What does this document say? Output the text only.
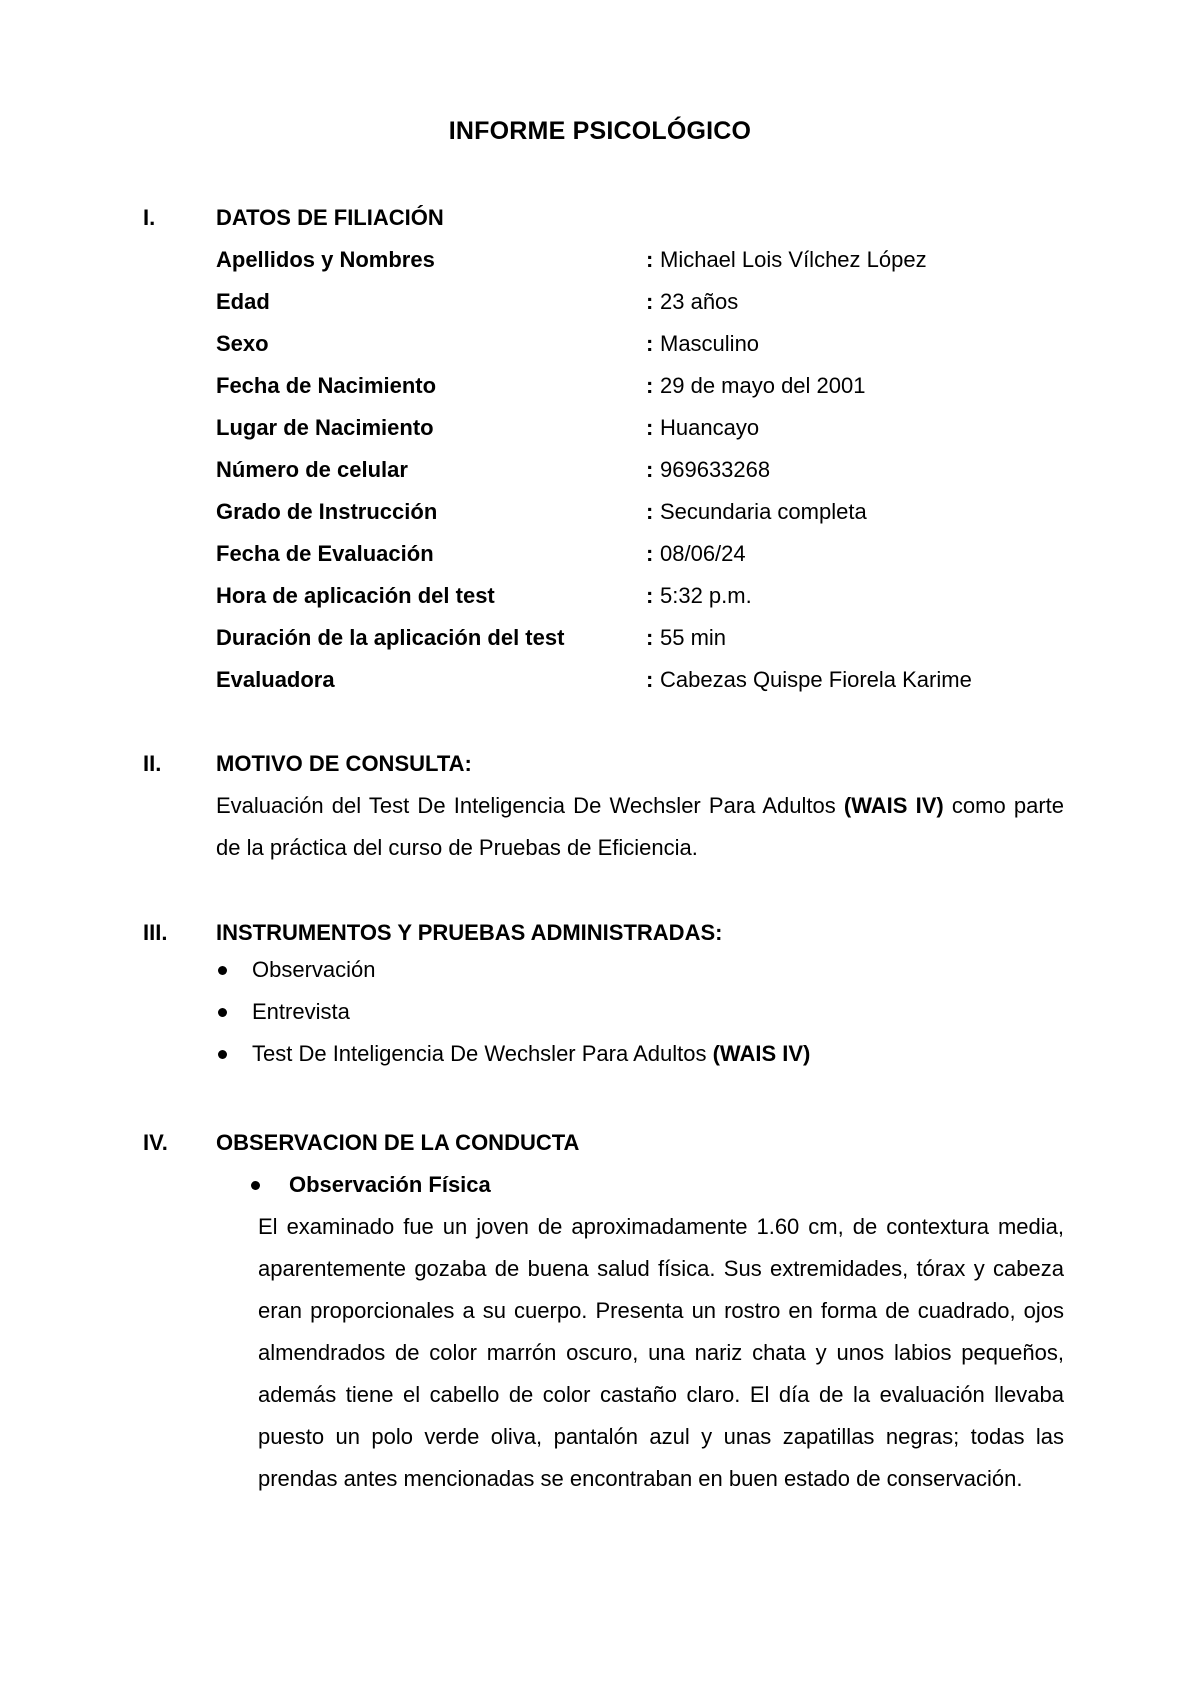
INFORME PSICOLÓGICO
I.	DATOS DE FILIACIÓN
Apellidos y Nombres	: Michael Lois Vílchez López
Edad	: 23 años
Sexo	: Masculino
Fecha de Nacimiento	: 29 de mayo del 2001
Lugar de Nacimiento	: Huancayo
Número de celular	: 969633268
Grado de Instrucción	: Secundaria completa
Fecha de Evaluación	: 08/06/24
Hora de aplicación del test	: 5:32 p.m.
Duración de la aplicación del test	: 55 min
Evaluadora	: Cabezas Quispe Fiorela Karime
II.	MOTIVO DE CONSULTA:
Evaluación del Test De Inteligencia De Wechsler Para Adultos (WAIS IV) como parte de la práctica del curso de Pruebas de Eficiencia.
III.	INSTRUMENTOS Y PRUEBAS ADMINISTRADAS:
Observación
Entrevista
Test De Inteligencia De Wechsler Para Adultos (WAIS IV)
IV.	OBSERVACION DE LA CONDUCTA
Observación Física
El examinado fue un joven de aproximadamente 1.60 cm, de contextura media, aparentemente gozaba de buena salud física. Sus extremidades, tórax y cabeza eran proporcionales a su cuerpo. Presenta un rostro en forma de cuadrado, ojos almendrados de color marrón oscuro, una nariz chata y unos labios pequeños, además tiene el cabello de color castaño claro. El día de la evaluación llevaba puesto un polo verde oliva, pantalón azul y unas zapatillas negras; todas las prendas antes mencionadas se encontraban en buen estado de conservación.
